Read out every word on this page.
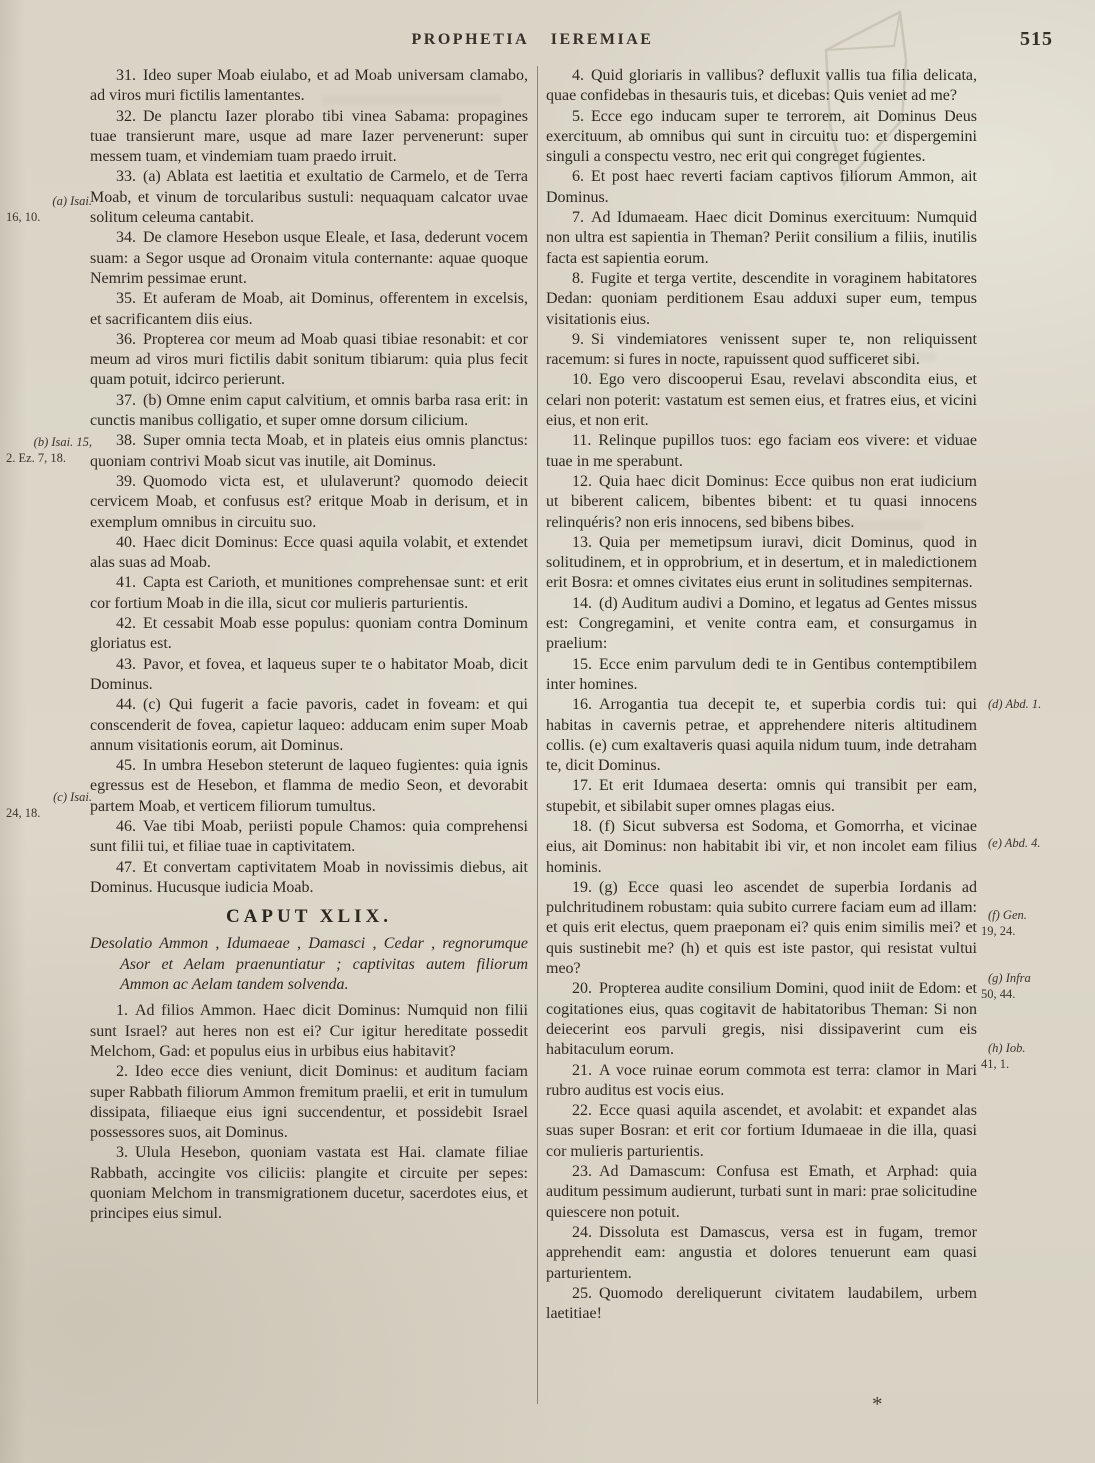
PROPHETIA IEREMIAE	515

31. Ideo super Moab eiulabo, et ad Moab universam clamabo, ad viros muri fictilis lamentantes.

32. De planctu Iazer plorabo tibi vinea Sabama: propagines tuae transierunt mare, usque ad mare Iazer pervenerunt: super messem tuam, et vindemiam tuam praedo irruit.

33. (a) Ablata est laetitia et exultatio de Carmelo, et de Terra Moab, et vinum de torcularibus sustuli: nequaquam calcator uvae solitum celeuma cantabit.

34. De clamore Hesebon usque Eleale, et Iasa, dederunt vocem suam: a Segor usque ad Oronaim vitula conternante: aquae quoque Nemrim pessimae erunt.

35. Et auferam de Moab, ait Dominus, offerentem in excelsis, et sacrificantem diis eius.

36. Propterea cor meum ad Moab quasi tibiae resonabit: et cor meum ad viros muri fictilis dabit sonitum tibiarum: quia plus fecit quam potuit, idcirco perierunt.

37. (b) Omne enim caput calvitium, et omnis barba rasa erit: in cunctis manibus colligatio, et super omne dorsum cilicium.

38. Super omnia tecta Moab, et in plateis eius omnis planctus: quoniam contrivi Moab sicut vas inutile, ait Dominus.

39. Quomodo victa est, et ululaverunt? quomodo deiecit cervicem Moab, et confusus est? eritque Moab in derisum, et in exemplum omnibus in circuitu suo.

40. Haec dicit Dominus: Ecce quasi aquila volabit, et extendet alas suas ad Moab.

41. Capta est Carioth, et munitiones comprehensae sunt: et erit cor fortium Moab in die illa, sicut cor mulieris parturientis.

42. Et cessabit Moab esse populus: quoniam contra Dominum gloriatus est.

43. Pavor, et fovea, et laqueus super te o habitator Moab, dicit Dominus.

44. (c) Qui fugerit a facie pavoris, cadet in foveam: et qui conscenderit de fovea, capietur laqueo: adducam enim super Moab annum visitationis eorum, ait Dominus.

45. In umbra Hesebon steterunt de laqueo fugientes: quia ignis egressus est de Hesebon, et flamma de medio Seon, et devorabit partem Moab, et verticem filiorum tumultus.

46. Vae tibi Moab, periisti popule Chamos: quia comprehensi sunt filii tui, et filiae tuae in captivitatem.

47. Et convertam captivitatem Moab in novissimis diebus, ait Dominus. Hucusque iudicia Moab.

CAPUT XLIX.

Desolatio Ammon , Idumaeae , Damasci , Cedar , regnorumque Asor et Aelam praenuntiatur ; captivitas autem filiorum Ammon ac Aelam tandem solvenda.

1. Ad filios Ammon. Haec dicit Dominus: Numquid non filii sunt Israel? aut heres non est ei? Cur igitur hereditate possedit Melchom, Gad: et populus eius in urbibus eius habitavit?

2. Ideo ecce dies veniunt, dicit Dominus: et auditum faciam super Rabbath filiorum Ammon fremitum praelii, et erit in tumulum dissipata, filiaeque eius igni succendentur, et possidebit Israel possessores suos, ait Dominus.

3. Ulula Hesebon, quoniam vastata est Hai. clamate filiae Rabbath, accingite vos ciliciis: plangite et circuite per sepes: quoniam Melchom in transmigrationem ducetur, sacerdotes eius, et principes eius simul.

4. Quid gloriaris in vallibus? defluxit vallis tua filia delicata, quae confidebas in thesauris tuis, et dicebas: Quis veniet ad me?

5. Ecce ego inducam super te terrorem, ait Dominus Deus exercituum, ab omnibus qui sunt in circuitu tuo: et dispergemini singuli a conspectu vestro, nec erit qui congreget fugientes.

6. Et post haec reverti faciam captivos filiorum Ammon, ait Dominus.

7. Ad Idumaeam. Haec dicit Dominus exercituum: Numquid non ultra est sapientia in Theman? Periit consilium a filiis, inutilis facta est sapientia eorum.

8. Fugite et terga vertite, descendite in voraginem habitatores Dedan: quoniam perditionem Esau adduxi super eum, tempus visitationis eius.

9. Si vindemiatores venissent super te, non reliquissent racemum: si fures in nocte, rapuissent quod sufficeret sibi.

10. Ego vero discooperui Esau, revelavi abscondita eius, et celari non poterit: vastatum est semen eius, et fratres eius, et vicini eius, et non erit.

11. Relinque pupillos tuos: ego faciam eos vivere: et viduae tuae in me sperabunt.

12. Quia haec dicit Dominus: Ecce quibus non erat iudicium ut biberent calicem, bibentes bibent: et tu quasi innocens relinquéris? non eris innocens, sed bibens bibes.

13. Quia per memetipsum iuravi, dicit Dominus, quod in solitudinem, et in opprobrium, et in desertum, et in maledictionem erit Bosra: et omnes civitates eius erunt in solitudines sempiternas.

14. (d) Auditum audivi a Domino, et legatus ad Gentes missus est: Congregamini, et venite contra eam, et consurgamus in praelium:

15. Ecce enim parvulum dedi te in Gentibus contemptibilem inter homines.

16. Arrogantia tua decepit te, et superbia cordis tui: qui habitas in cavernis petrae, et apprehendere niteris altitudinem collis. (e) cum exaltaveris quasi aquila nidum tuum, inde detraham te, dicit Dominus.

17. Et erit Idumaea deserta: omnis qui transibit per eam, stupebit, et sibilabit super omnes plagas eius.

18. (f) Sicut subversa est Sodoma, et Gomorrha, et vicinae eius, ait Dominus: non habitabit ibi vir, et non incolet eam filius hominis.

19. (g) Ecce quasi leo ascendet de superbia Iordanis ad pulchritudinem robustam: quia subito currere faciam eum ad illam: et quis erit electus, quem praeponam ei? quis enim similis mei? et quis sustinebit me? (h) et quis est iste pastor, qui resistat vultui meo?

20. Propterea audite consilium Domini, quod iniit de Edom: et cogitationes eius, quas cogitavit de habitatoribus Theman: Si non deiecerint eos parvuli gregis, nisi dissipaverint cum eis habitaculum eorum.

21. A voce ruinae eorum commota est terra: clamor in Mari rubro auditus est vocis eius.

22. Ecce quasi aquila ascendet, et avolabit: et expandet alas suas super Bosran: et erit cor fortium Idumaeae in die illa, quasi cor mulieris parturientis.

23. Ad Damascum: Confusa est Emath, et Arphad: quia auditum pessimum audierunt, turbati sunt in mari: prae solicitudine quiescere non potuit.

24. Dissoluta est Damascus, versa est in fugam, tremor apprehendit eam: angustia et dolores tenuerunt eam quasi parturientem.

25. Quomodo dereliquerunt civitatem laudabilem, urbem laetitiae!

(a) Isai.
16, 10.
(b) Isai. 15,
2. Ez. 7, 18.
(c) Isai.
24, 18.
(d) Abd. 1.
(e) Abd. 4.
(f) Gen.
19, 24.
(g) Infra
50, 44.
(h) Iob.
41, 1.
*
